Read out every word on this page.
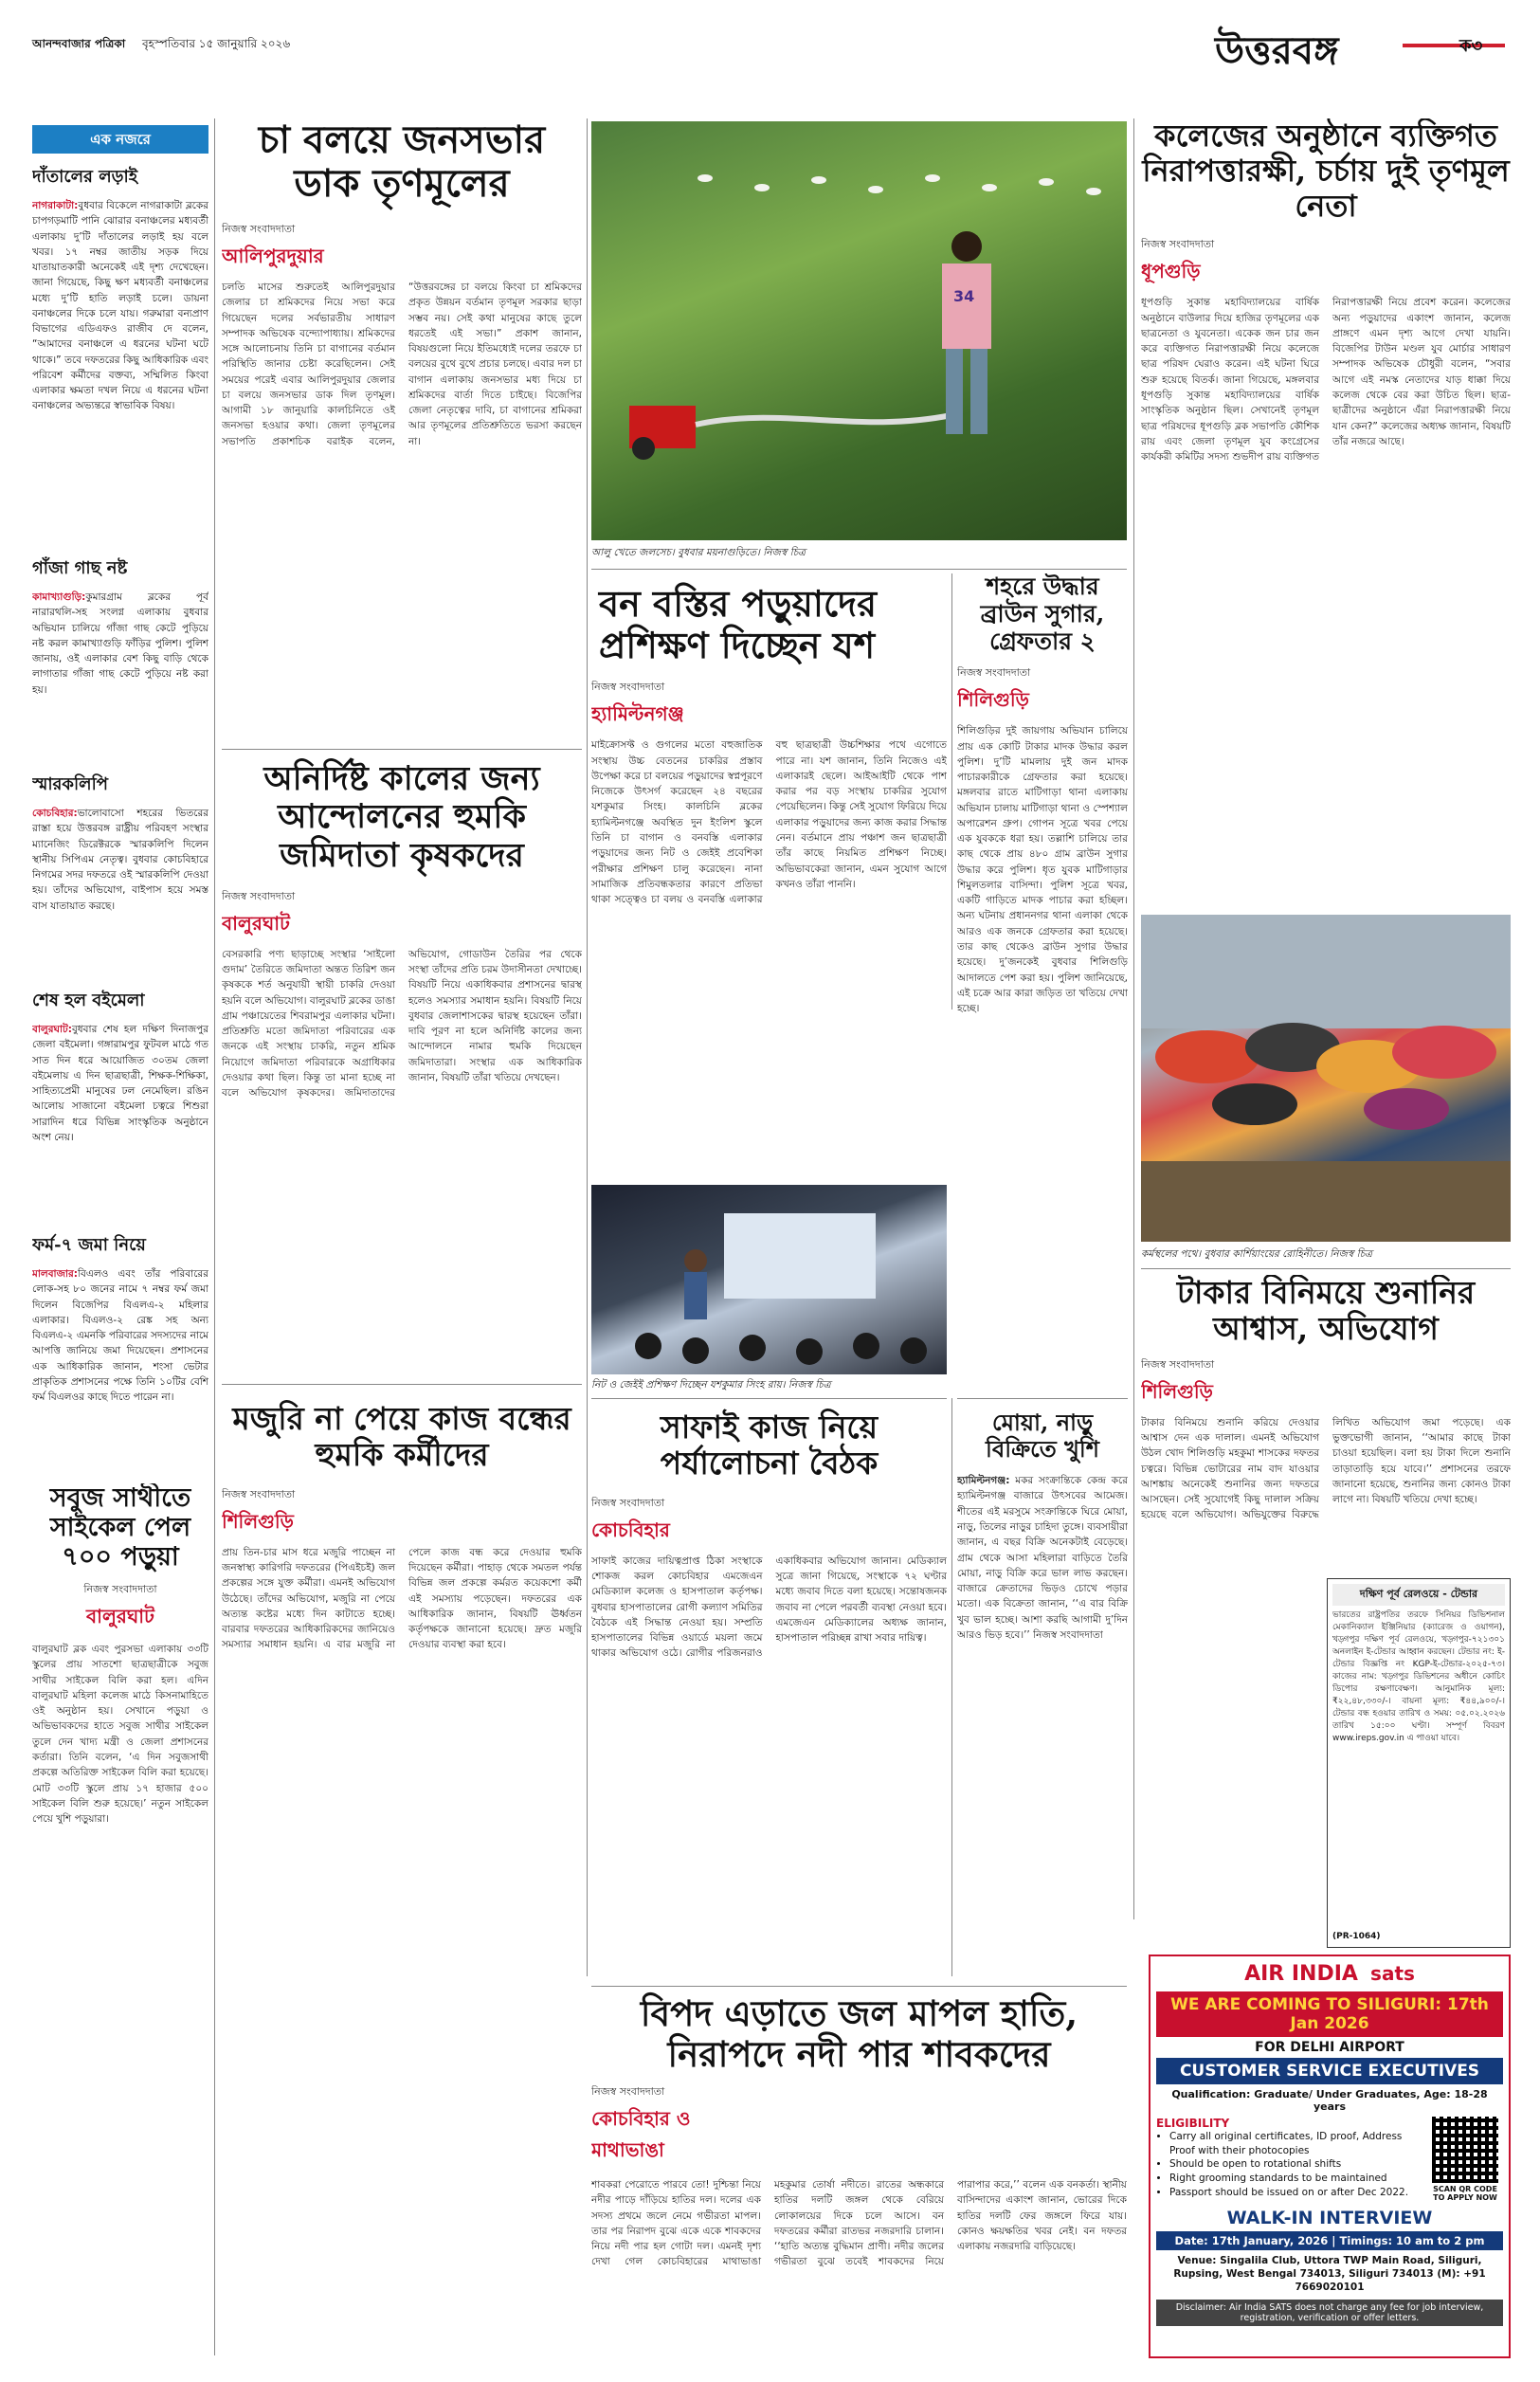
আনন্দবাজার পত্রিকা বৃহস্পতিবার ১৫ জানুয়ারি ২০২৬	উত্তরবঙ্গ	ক৩
এক নজরে
দাঁতালের লড়াই
নাগরাকাটা:বুধবার বিকেলে নাগরাকাটা ব্লকের চাপগড়মাটি পানি ঝোরার বনাঞ্চলের মধ্যবর্তী এলাকায় দু’টি দাঁতালের লড়াই হয় বলে খবর। ১৭ নম্বর জাতীয় সড়ক দিয়ে যাতায়াতকারী অনেকেই এই দৃশ্য দেখেছেন। জানা গিয়েছে, কিছু ক্ষণ মধ্যবর্তী বনাঞ্চলের মধ্যে দু’টি হাতি লড়াই চলে। ডায়না বনাঞ্চলের দিকে চলে যায়। গরুমারা বন্যপ্রাণ বিভাগের এডিএফও রাজীব দে বলেন, “আমাদের বনাঞ্চলে এ ধরনের ঘটনা ঘটে থাকে।” তবে দফতরের কিছু আধিকারিক এবং পরিবেশ কর্মীদের বক্তব্য, সম্মিলিত কিংবা এলাকার ক্ষমতা দখল নিয়ে এ ধরনের ঘটনা বনাঞ্চলের অভ্যন্তরে স্বাভাবিক বিষয়।
গাঁজা গাছ নষ্ট
কামাখ্যাগুড়ি:কুমারগ্রাম ব্লকের পূর্ব নারারথলি-সহ সংলগ্ন এলাকায় বুধবার অভিযান চালিয়ে গাঁজা গাছ কেটে পুড়িয়ে নষ্ট করল কামাখ্যাগুড়ি ফাঁড়ির পুলিশ। পুলিশ জানায়, ওই এলাকার বেশ কিছু বাড়ি থেকে লাগাতার গাঁজা গাছ কেটে পুড়িয়ে নষ্ট করা হয়।
স্মারকলিপি
কোচবিহার:ভালোবাসো শহরের ভিতরের রাস্তা হয়ে উত্তরবঙ্গ রাষ্ট্রীয় পরিবহণ সংস্থার ম্যানেজিং ডিরেক্টরকে স্মারকলিপি দিলেন স্থানীয় সিপিএম নেতৃত্ব। বুধবার কোচবিহারে নিগমের সদর দফতরে ওই স্মারকলিপি দেওয়া হয়। তাঁদের অভিযোগ, বাইপাস হয়ে সমস্ত বাস যাতায়াত করছে।
শেষ হল বইমেলা
বালুরঘাট:বুধবার শেষ হল দক্ষিণ দিনাজপুর জেলা বইমেলা। গঙ্গারামপুর ফুটবল মাঠে গত সাত দিন ধরে আয়োজিত ৩০তম জেলা বইমেলায় এ দিন ছাত্রছাত্রী, শিক্ষক-শিক্ষিকা, সাহিত্যপ্রেমী মানুষের ঢল নেমেছিল। রঙিন আলোয় সাজানো বইমেলা চত্বরে শিশুরা সারাদিন ধরে বিভিন্ন সাংস্কৃতিক অনুষ্ঠানে অংশ নেয়।
ফর্ম-৭ জমা নিয়ে
মালবাজার:বিএলও এবং তাঁর পরিবারের লোক-সহ ৮০ জনের নামে ৭ নম্বর ফর্ম জমা দিলেন বিজেপির বিএলএ-২ মহিলার এলাকার। বিএলও-২ রেঙ্ক সহ অন্য বিএলএ-২ এমনকি পরিবারের সদস্যদের নামে আপত্তি জানিয়ে জমা দিয়েছেন। প্রশাসনের এক আধিকারিক জানান, শংসা ভেটার প্রাকৃতিক প্রশাসনের পক্ষে তিনি ১০টির বেশি ফর্ম বিএলওর কাছে দিতে পারেন না।
সবুজ সাথীতে সাইকেল পেল ৭০০ পড়ুয়া
নিজস্ব সংবাদদাতা
বালুরঘাট
বালুরঘাট ব্লক এবং পুরসভা এলাকায় ৩৩টি স্কুলের প্রায় সাতশো ছাত্রছাত্রীকে সবুজ সাথীর সাইকেল বিলি করা হল। এদিন বালুরঘাট মহিলা কলেজ মাঠে কিসনামাহিতে ওই অনুষ্ঠান হয়। সেখানে পড়ুয়া ও অভিভাবকদের হাতে সবুজ সাথীর সাইকেল তুলে দেন খাদ্য মন্ত্রী ও জেলা প্রশাসনের কর্তারা। তিনি বলেন, ‘এ দিন সবুজসাথী প্রকল্পে অতিরিক্ত সাইকেল বিলি করা হয়েছে। মোট ৩৩টি স্কুলে প্রায় ১৭ হাজার ৫০০ সাইকেল বিলি শুরু হয়েছে।’ নতুন সাইকেল পেয়ে খুশি পড়ুয়ারা।
চা বলয়ে জনসভার ডাক তৃণমূলের
নিজস্ব সংবাদদাতা
আলিপুরদুয়ার
চলতি মাসের শুরুতেই আলিপুরদুয়ার জেলার চা শ্রমিকদের নিয়ে সভা করে গিয়েছেন দলের সর্বভারতীয় সাধারণ সম্পাদক অভিষেক বন্দ্যোপাধ্যায়। শ্রমিকদের সঙ্গে আলোচনায় তিনি চা বাগানের বর্তমান পরিস্থিতি জানার চেষ্টা করেছিলেন। সেই সময়ের পরেই এবার আলিপুরদুয়ার জেলার চা বলয়ে জনসভার ডাক দিল তৃণমূল। আগামী ১৮ জানুয়ারি কালচিনিতে ওই জনসভা হওয়ার কথা। জেলা তৃণমূলের সভাপতি প্রকাশচিক বরাইক বলেন, “উত্তরবঙ্গের চা বলয়ে কিংবা চা শ্রমিকদের প্রকৃত উন্নয়ন বর্তমান তৃণমূল সরকার ছাড়া সম্ভব নয়। সেই কথা মানুষের কাছে তুলে ধরতেই এই সভা।” প্রকাশ জানান, বিষয়গুলো নিয়ে ইতিমধ্যেই দলের তরফে চা বলয়ের বুথে বুথে প্রচার চলছে। এবার দল চা বাগান এলাকায় জনসভার মধ্য দিয়ে চা শ্রমিকদের বার্তা দিতে চাইছে। বিজেপির জেলা নেতৃত্বের দাবি, চা বাগানের শ্রমিকরা আর তৃণমূলের প্রতিশ্রুতিতে ভরসা করছেন না।
34
আলু খেতে জলসেচ। বুধবার ময়নাগুড়িতে। নিজস্ব চিত্র
বন বস্তির পড়ুয়াদের প্রশিক্ষণ দিচ্ছেন যশ
নিজস্ব সংবাদদাতা
হ্যামিল্টনগঞ্জ
মাইক্রোসফ্ট ও গুগলের মতো বহুজাতিক সংস্থায় উচ্চ বেতনের চাকরির প্রস্তাব উপেক্ষা করে চা বলয়ের পড়ুয়াদের স্বপ্নপূরণে নিজেকে উৎসর্গ করেছেন ২৪ বছরের যশকুমার সিংহ। কালচিনি ব্লকের হ্যামিল্টনগঞ্জে অবস্থিত দুন ইংলিশ স্কুলে তিনি চা বাগান ও বনবস্তি এলাকার পড়ুয়াদের জন্য নিট ও জেইই প্রবেশিকা পরীক্ষার প্রশিক্ষণ চালু করেছেন। নানা সামাজিক প্রতিবন্ধকতার কারণে প্রতিভা থাকা সত্ত্বেও চা বলয় ও বনবস্তি এলাকার বহু ছাত্রছাত্রী উচ্চশিক্ষার পথে এগোতে পারে না। যশ জানান, তিনি নিজেও এই এলাকারই ছেলে। আইআইটি থেকে পাশ করার পর বড় সংস্থায় চাকরির সুযোগ পেয়েছিলেন। কিন্তু সেই সুযোগ ফিরিয়ে দিয়ে এলাকার পড়ুয়াদের জন্য কাজ করার সিদ্ধান্ত নেন। বর্তমানে প্রায় পঞ্চাশ জন ছাত্রছাত্রী তাঁর কাছে নিয়মিত প্রশিক্ষণ নিচ্ছে। অভিভাবকেরা জানান, এমন সুযোগ আগে কখনও তাঁরা পাননি।
শহরে উদ্ধার ব্রাউন সুগার, গ্রেফতার ২
নিজস্ব সংবাদদাতা
শিলিগুড়ি
শিলিগুড়ির দুই জায়গায় অভিযান চালিয়ে প্রায় এক কোটি টাকার মাদক উদ্ধার করল পুলিশ। দু’টি মামলায় দুই জন মাদক পাচারকারীকে গ্রেফতার করা হয়েছে। মঙ্গলবার রাতে মাটিগাড়া থানা এলাকায় অভিযান চালায় মাটিগাড়া থানা ও স্পেশ্যাল অপারেশন গ্রুপ। গোপন সূত্রে খবর পেয়ে এক যুবককে ধরা হয়। তল্লাশি চালিয়ে তার কাছ থেকে প্রায় ৪৮০ গ্রাম ব্রাউন সুগার উদ্ধার করে পুলিশ। ধৃত যুবক মাটিগাড়ার শিমুলতলার বাসিন্দা। পুলিশ সূত্রে খবর, একটি গাড়িতে মাদক পাচার করা হচ্ছিল। অন্য ঘটনায় প্রধাননগর থানা এলাকা থেকে আরও এক জনকে গ্রেফতার করা হয়েছে। তার কাছ থেকেও ব্রাউন সুগার উদ্ধার হয়েছে। দু’জনকেই বুধবার শিলিগুড়ি আদালতে পেশ করা হয়। পুলিশ জানিয়েছে, এই চক্রে আর কারা জড়িত তা খতিয়ে দেখা হচ্ছে।
নিট ও জেইই প্রশিক্ষণ দিচ্ছেন যশকুমার সিংহ রায়। নিজস্ব চিত্র
অনির্দিষ্ট কালের জন্য আন্দোলনের হুমকি জমিদাতা কৃষকদের
নিজস্ব সংবাদদাতা
বালুরঘাট
বেসরকারি পণ্য ছাড়াচ্ছে সংস্থার ‘সাইলো গুদাম’ তৈরিতে জমিদাতা অন্তত তিরিশ জন কৃষককে শর্ত অনুযায়ী স্থায়ী চাকরি দেওয়া হয়নি বলে অভিযোগ। বালুরঘাট ব্লকের ডাঙা গ্রাম পঞ্চায়েতের শিবরামপুর এলাকার ঘটনা। প্রতিশ্রুতি মতো জমিদাতা পরিবারের এক জনকে এই সংস্থায় চাকরি, নতুন শ্রমিক নিয়োগে জমিদাতা পরিবারকে অগ্রাধিকার দেওয়ার কথা ছিল। কিন্তু তা মানা হচ্ছে না বলে অভিযোগ কৃষকদের। জমিদাতাদের অভিযোগ, গোডাউন তৈরির পর থেকে সংস্থা তাঁদের প্রতি চরম উদাসীনতা দেখাচ্ছে। বিষয়টি নিয়ে একাধিকবার প্রশাসনের দ্বারস্থ হলেও সমস্যার সমাধান হয়নি। বিষয়টি নিয়ে বুধবার জেলাশাসকের দ্বারস্থ হয়েছেন তাঁরা। দাবি পূরণ না হলে অনির্দিষ্ট কালের জন্য আন্দোলনে নামার হুমকি দিয়েছেন জমিদাতারা। সংস্থার এক আধিকারিক জানান, বিষয়টি তাঁরা খতিয়ে দেখছেন।
মজুরি না পেয়ে কাজ বন্ধের হুমকি কর্মীদের
নিজস্ব সংবাদদাতা
শিলিগুড়ি
প্রায় তিন-চার মাস ধরে মজুরি পাচ্ছেন না জনস্বাস্থ্য কারিগরি দফতরের (পিএইচই) জল প্রকল্পের সঙ্গে যুক্ত কর্মীরা। এমনই অভিযোগ উঠেছে। তাঁদের অভিযোগ, মজুরি না পেয়ে অত্যন্ত কষ্টের মধ্যে দিন কাটাতে হচ্ছে। বারবার দফতরের আধিকারিকদের জানিয়েও সমস্যার সমাধান হয়নি। এ বার মজুরি না পেলে কাজ বন্ধ করে দেওয়ার হুমকি দিয়েছেন কর্মীরা। পাহাড় থেকে সমতল পর্যন্ত বিভিন্ন জল প্রকল্পে কর্মরত কয়েকশো কর্মী এই সমস্যায় পড়েছেন। দফতরের এক আধিকারিক জানান, বিষয়টি ঊর্ধ্বতন কর্তৃপক্ষকে জানানো হয়েছে। দ্রুত মজুরি দেওয়ার ব্যবস্থা করা হবে।
সাফাই কাজ নিয়ে পর্যালোচনা বৈঠক
নিজস্ব সংবাদদাতা
কোচবিহার
সাফাই কাজের দায়িত্বপ্রাপ্ত ঠিকা সংস্থাকে শোকজ করল কোচবিহার এমজেএন মেডিক্যাল কলেজ ও হাসপাতাল কর্তৃপক্ষ। বুধবার হাসপাতালের রোগী কল্যাণ সমিতির বৈঠকে এই সিদ্ধান্ত নেওয়া হয়। সম্প্রতি হাসপাতালের বিভিন্ন ওয়ার্ডে ময়লা জমে থাকার অভিযোগ ওঠে। রোগীর পরিজনরাও একাধিকবার অভিযোগ জানান। মেডিক্যাল সুত্রে জানা গিয়েছে, সংস্থাকে ৭২ ঘণ্টার মধ্যে জবাব দিতে বলা হয়েছে। সন্তোষজনক জবাব না পেলে পরবর্তী ব্যবস্থা নেওয়া হবে। এমজেএন মেডিক্যালের অধ্যক্ষ জানান, হাসপাতাল পরিচ্ছন্ন রাখা সবার দায়িত্ব।
মোয়া, নাড়ু বিক্রিতে খুশি
হ্যামিল্টনগঞ্জ: মকর সংক্রান্তিকে কেন্দ্র করে হ্যামিল্টনগঞ্জ বাজারে উৎসবের আমেজ। শীতের এই মরসুমে সংক্রান্তিকে ঘিরে মোয়া, নাড়ু, তিলের নাড়ুর চাহিদা তুঙ্গে। ব্যবসায়ীরা জানান, এ বছর বিক্রি অনেকটাই বেড়েছে। গ্রাম থেকে আসা মহিলারা বাড়িতে তৈরি মোয়া, নাড়ু বিক্রি করে ভাল লাভ করছেন। বাজারে ক্রেতাদের ভিড়ও চোখে পড়ার মতো। এক বিক্রেতা জানান, ‘‘এ বার বিক্রি খুব ভাল হচ্ছে। আশা করছি আগামী দু’দিন আরও ভিড় হবে।’’ নিজস্ব সংবাদদাতা
বিপদ এড়াতে জল মাপল হাতি, নিরাপদে নদী পার শাবকদের
নিজস্ব সংবাদদাতা
কোচবিহার ও মাথাভাঙা
শাবকরা পেরোতে পারবে তো! দুশ্চিন্তা নিয়ে নদীর পাড়ে দাঁড়িয়ে হাতির দল। দলের এক সদস্য প্রথমে জলে নেমে গভীরতা মাপল। তার পর নিরাপদ বুঝে একে একে শাবকদের নিয়ে নদী পার হল গোটা দল। এমনই দৃশ্য দেখা গেল কোচবিহারের মাথাভাঙা মহকুমার তোর্ষা নদীতে। রাতের অন্ধকারে হাতির দলটি জঙ্গল থেকে বেরিয়ে লোকালয়ের দিকে চলে আসে। বন দফতরের কর্মীরা রাতভর নজরদারি চালান। ‘‘হাতি অত্যন্ত বুদ্ধিমান প্রাণী। নদীর জলের গভীরতা বুঝে তবেই শাবকদের নিয়ে পারাপার করে,’’ বলেন এক বনকর্তা। স্থানীয় বাসিন্দাদের একাংশ জানান, ভোরের দিকে হাতির দলটি ফের জঙ্গলে ফিরে যায়। কোনও ক্ষয়ক্ষতির খবর নেই। বন দফতর এলাকায় নজরদারি বাড়িয়েছে।
কলেজের অনুষ্ঠানে ব্যক্তিগত নিরাপত্তারক্ষী, চর্চায় দুই তৃণমূল নেতা
নিজস্ব সংবাদদাতা
ধূপগুড়ি
ধূপগুড়ি সুকান্ত মহাবিদ্যালয়ের বার্ষিক অনুষ্ঠানে বাউলার দিয়ে হাজির তৃণমূলের এক ছাত্রনেতা ও যুবনেতা। একেক জন চার জন করে ব্যক্তিগত নিরাপত্তারক্ষী নিয়ে কলেজে ছাত্র পরিষদ ঘেরাও করেন। এই ঘটনা ঘিরে শুরু হয়েছে বিতর্ক। জানা গিয়েছে, মঙ্গলবার ধূপগুড়ি সুকান্ত মহাবিদ্যালয়ের বার্ষিক সাংস্কৃতিক অনুষ্ঠান ছিল। সেখানেই তৃণমূল ছাত্র পরিষদের ধূপগুড়ি ব্লক সভাপতি কৌশিক রায় এবং জেলা তৃণমূল যুব কংগ্রেসের কার্যকরী কমিটির সদস্য শুভদীপ রায় ব্যক্তিগত নিরাপত্তারক্ষী নিয়ে প্রবেশ করেন। কলেজের অন্য পড়ুয়াদের একাংশ জানান, কলেজ প্রাঙ্গণে এমন দৃশ্য আগে দেখা যায়নি। বিজেপির টাউন মণ্ডল যুব মোর্চার সাধারণ সম্পাদক অভিষেক চৌধুরী বলেন, “সবার আগে এই নমস্ক নেতাদের যাড় ধাক্কা দিয়ে কলেজ থেকে বের করা উচিত ছিল। ছাত্র-ছাত্রীদের অনুষ্ঠানে এঁরা নিরাপত্তারক্ষী নিয়ে যান কেন?” কলেজের অধ্যক্ষ জানান, বিষয়টি তাঁর নজরে আছে।
কর্মস্থলের পথে। বুধবার কার্শিয়াংয়ের রোহিনীতে। নিজস্ব চিত্র
টাকার বিনিময়ে শুনানির আশ্বাস, অভিযোগ
নিজস্ব সংবাদদাতা
শিলিগুড়ি
টাকার বিনিময়ে শুনানি করিয়ে দেওয়ার আশ্বাস দেন এক দালাল। এমনই অভিযোগ উঠল খোদ শিলিগুড়ি মহকুমা শাসকের দফতর চত্বরে। বিভিন্ন ভোটারের নাম বাদ যাওয়ার আশঙ্কায় অনেকেই শুনানির জন্য দফতরে আসছেন। সেই সুযোগেই কিছু দালাল সক্রিয় হয়েছে বলে অভিযোগ। অভিযুক্তের বিরুদ্ধে লিখিত অভিযোগ জমা পড়েছে। এক ভুক্তভোগী জানান, ‘‘আমার কাছে টাকা চাওয়া হয়েছিল। বলা হয় টাকা দিলে শুনানি তাড়াতাড়ি হয়ে যাবে।’’ প্রশাসনের তরফে জানানো হয়েছে, শুনানির জন্য কোনও টাকা লাগে না। বিষয়টি খতিয়ে দেখা হচ্ছে।
দক্ষিণ পূর্ব রেলওয়ে - টেন্ডার
ভারতের রাষ্ট্রপতির তরফে সিনিয়র ডিভিশনাল মেকানিক্যাল ইঞ্জিনিয়ার (ক্যারেজ ও ওয়াগন), খড়্গপুর দক্ষিণ পূর্ব রেলওয়ে, খড়্গপুর-৭২১৩০১ অনলাইন ই-টেন্ডার আহ্বান করছেন। টেন্ডার নং: ই-টেন্ডার বিজ্ঞপ্তি নং KGP-ই-টেন্ডার-২০২৫-৭৩। কাজের নাম: খড়্গপুর ডিভিশনের অধীনে কোচিং ডিপোর রক্ষণাবেক্ষণ। আনুমানিক মূল্য: ₹২২,৪৮,৩৩০/-। বায়না মূল্য: ₹৪৪,৯০০/-। টেন্ডার বন্ধ হওয়ার তারিখ ও সময়: ০৫.০২.২০২৬ তারিখ ১৫:০০ ঘণ্টা। সম্পূর্ণ বিবরণ www.ireps.gov.in এ পাওয়া যাবে।
(PR-1064)
AIR INDIA sats
WE ARE COMING TO SILIGURI: 17th Jan 2026
FOR DELHI AIRPORT
CUSTOMER SERVICE EXECUTIVES
Qualification: Graduate/ Under Graduates, Age: 18-28 years
ELIGIBILITY
• Carry all original certificates, ID proof, Address Proof with their photocopies
• Should be open to rotational shifts
• Right grooming standards to be maintained
• Passport should be issued on or after Dec 2022.	SCAN QR CODE TO APPLY NOW
WALK-IN INTERVIEW
Date: 17th January, 2026 | Timings: 10 am to 2 pm
Venue: Singalila Club, Uttora TWP Main Road, Siliguri, Rupsing, West Bengal 734013, Siliguri 734013 (M): +91 7669020101
Disclaimer: Air India SATS does not charge any fee for job interview, registration, verification or offer letters.
